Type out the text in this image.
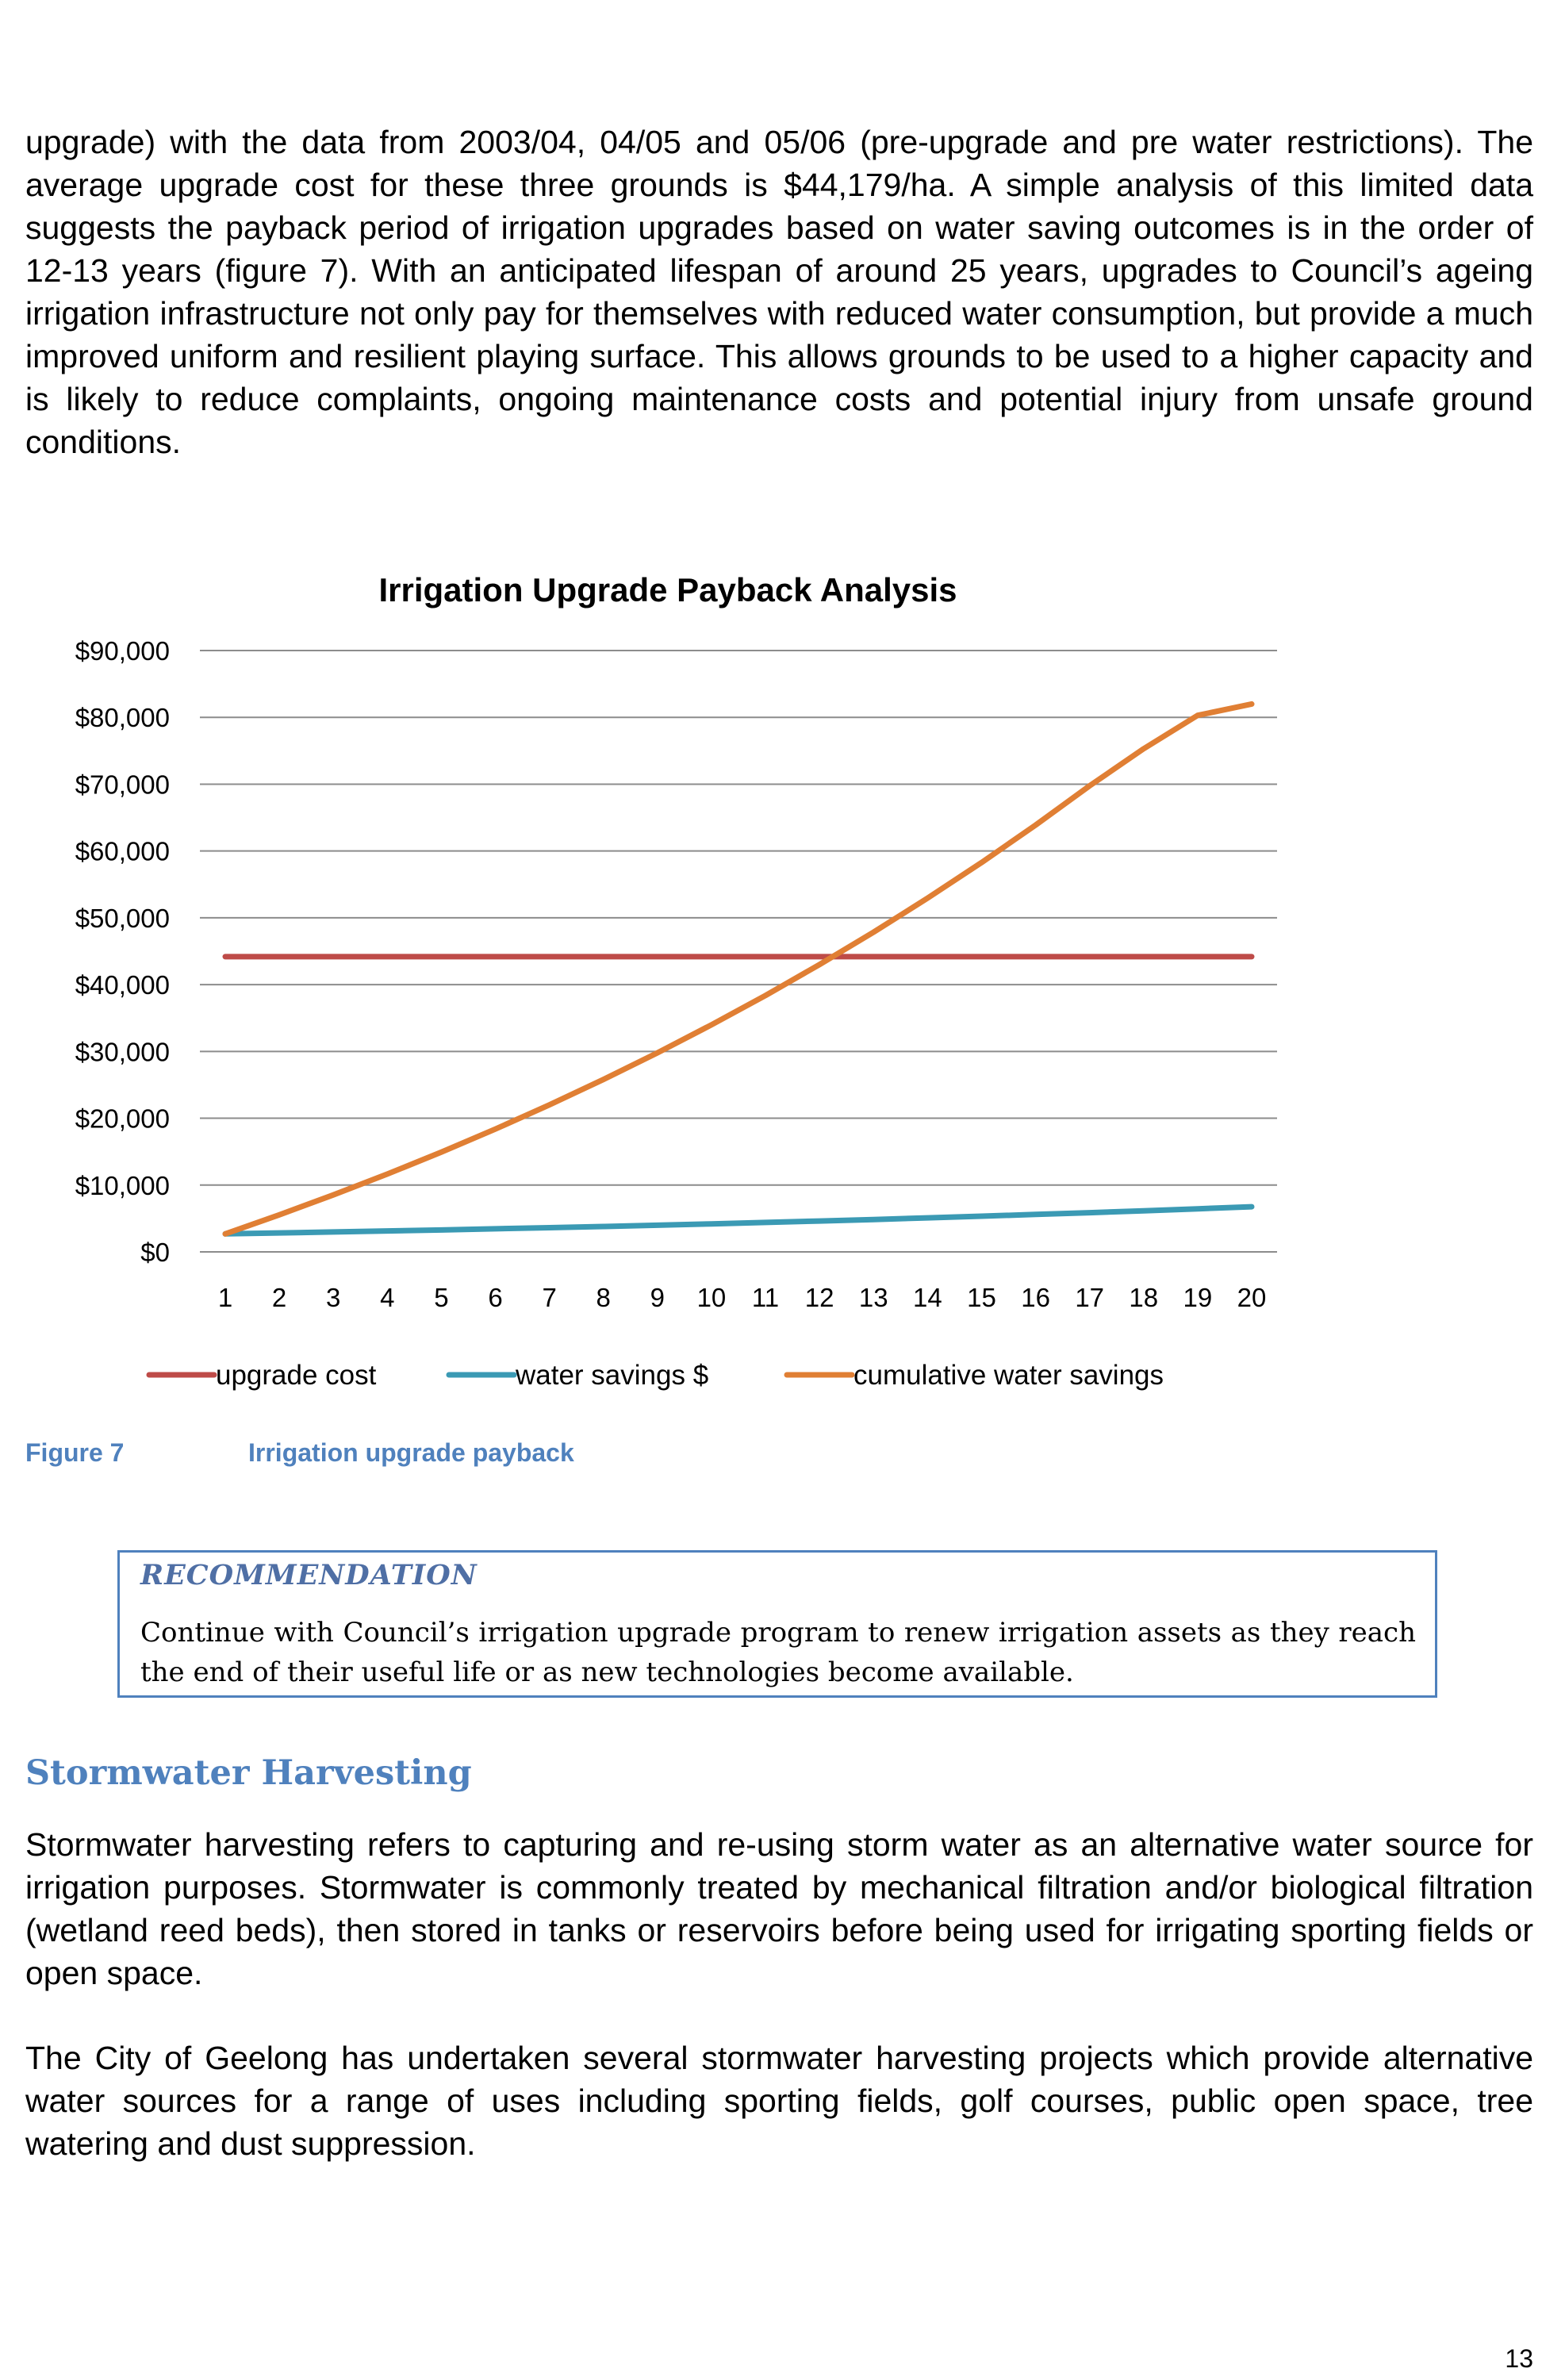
upgrade) with the data from 2003/04, 04/05 and 05/06 (pre-upgrade and pre water restrictions). The average upgrade cost for these three grounds is $44,179/ha. A simple analysis of this limited data suggests the payback period of irrigation upgrades based on water saving outcomes is in the order of 12-13 years (figure 7). With an anticipated lifespan of around 25 years, upgrades to Council’s ageing irrigation infrastructure not only pay for themselves with reduced water consumption, but provide a much improved uniform and resilient playing surface. This allows grounds to be used to a higher capacity and is likely to reduce complaints, ongoing maintenance costs and potential injury from unsafe ground conditions.

Irrigation Upgrade Payback Analysis
$0
$10,000
$20,000
$30,000
$40,000
$50,000
$60,000
$70,000
$80,000
$90,000
1 2 3 4 5 6 7 8 9 10 11 12 13 14 15 16 17 18 19 20
upgrade cost	water savings $	cumulative water savings

Figure 7	Irrigation upgrade payback

RECOMMENDATION

Continue with Council’s irrigation upgrade program to renew irrigation assets as they reach the end of their useful life or as new technologies become available.

Stormwater Harvesting

Stormwater harvesting refers to capturing and re-using storm water as an alternative water source for irrigation purposes. Stormwater is commonly treated by mechanical filtration and/or biological filtration (wetland reed beds), then stored in tanks or reservoirs before being used for irrigating sporting fields or open space.

The City of Geelong has undertaken several stormwater harvesting projects which provide alternative water sources for a range of uses including sporting fields, golf courses, public open space, tree watering and dust suppression.

13
